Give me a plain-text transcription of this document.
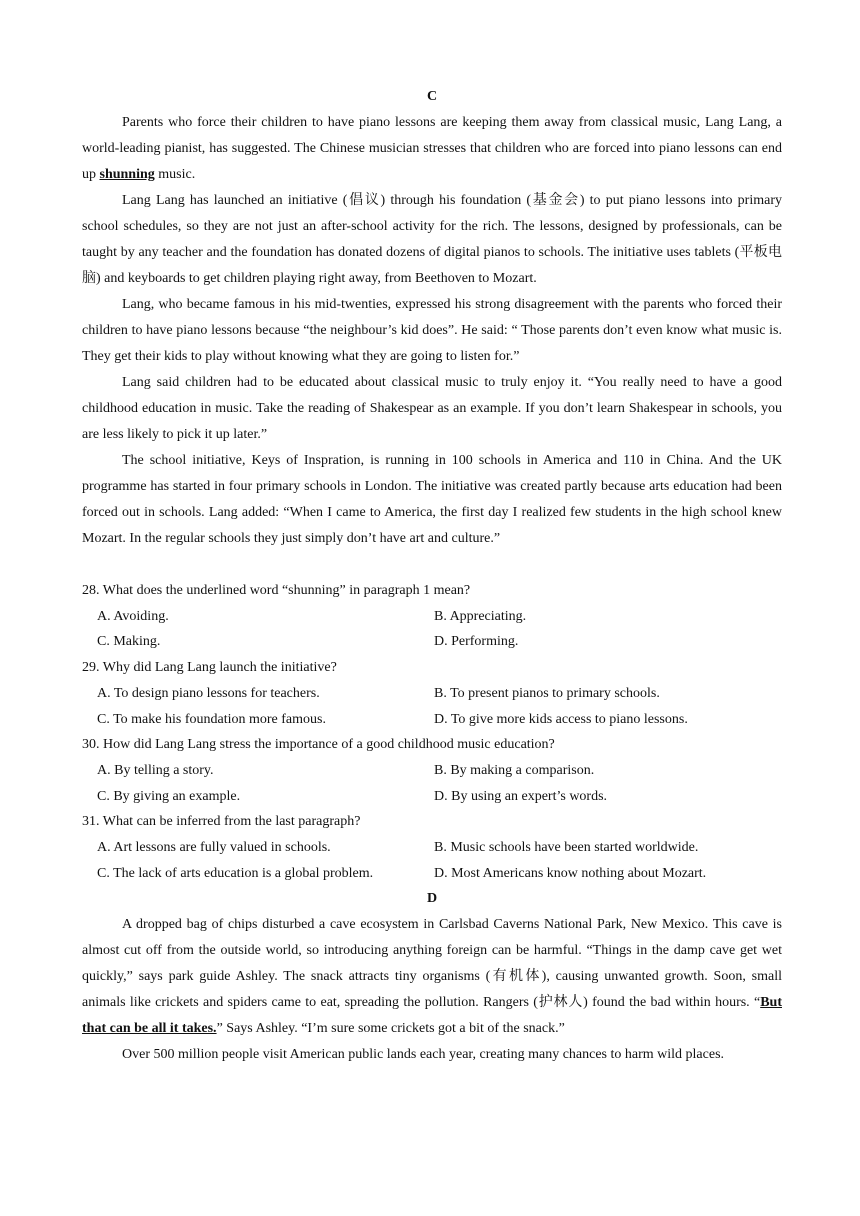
C

Parents who force their children to have piano lessons are keeping them away from classical music, Lang Lang, a world-leading pianist, has suggested. The Chinese musician stresses that children who are forced into piano lessons can end up shunning music.

Lang Lang has launched an initiative (倡议) through his foundation (基金会) to put piano lessons into primary school schedules, so they are not just an after-school activity for the rich. The lessons, designed by professionals, can be taught by any teacher and the foundation has donated dozens of digital pianos to schools. The initiative uses tablets (平板电脑) and keyboards to get children playing right away, from Beethoven to Mozart.

Lang, who became famous in his mid-twenties, expressed his strong disagreement with the parents who forced their children to have piano lessons because “the neighbour’s kid does”. He said: “ Those parents don’t even know what music is. They get their kids to play without knowing what they are going to listen for.”

Lang said children had to be educated about classical music to truly enjoy it. “You really need to have a good childhood education in music. Take the reading of Shakespear as an example. If you don’t learn Shakespear in schools, you are less likely to pick it up later.”

The school initiative, Keys of Inspration, is running in 100 schools in America and 110 in China. And the UK programme has started in four primary schools in London. The initiative was created partly because arts education had been forced out in schools. Lang added: “When I came to America, the first day I realized few students in the high school knew Mozart. In the regular schools they just simply don’t have art and culture.”

28. What does the underlined word “shunning” in paragraph 1 mean?

A. Avoiding.	B. Appreciating.
C. Making.	D. Performing.

29. Why did Lang Lang launch the initiative?

A. To design piano lessons for teachers.	B. To present pianos to primary schools.
C. To make his foundation more famous.	D. To give more kids access to piano lessons.

30. How did Lang Lang stress the importance of a good childhood music education?

A. By telling a story.	B. By making a comparison.
C. By giving an example.	D. By using an expert’s words.

31. What can be inferred from the last paragraph?

A. Art lessons are fully valued in schools.	B. Music schools have been started worldwide.
C. The lack of arts education is a global problem.	D. Most Americans know nothing about Mozart.
D

A dropped bag of chips disturbed a cave ecosystem in Carlsbad Caverns National Park, New Mexico. This cave is almost cut off from the outside world, so introducing anything foreign can be harmful. “Things in the damp cave get wet quickly,” says park guide Ashley. The snack attracts tiny organisms (有机体), causing unwanted growth. Soon, small animals like crickets and spiders came to eat, spreading the pollution. Rangers (护林人) found the bad within hours. “But that can be all it takes.” Says Ashley. “I’m sure some crickets got a bit of the snack.”

Over 500 million people visit American public lands each year, creating many chances to harm wild places.
